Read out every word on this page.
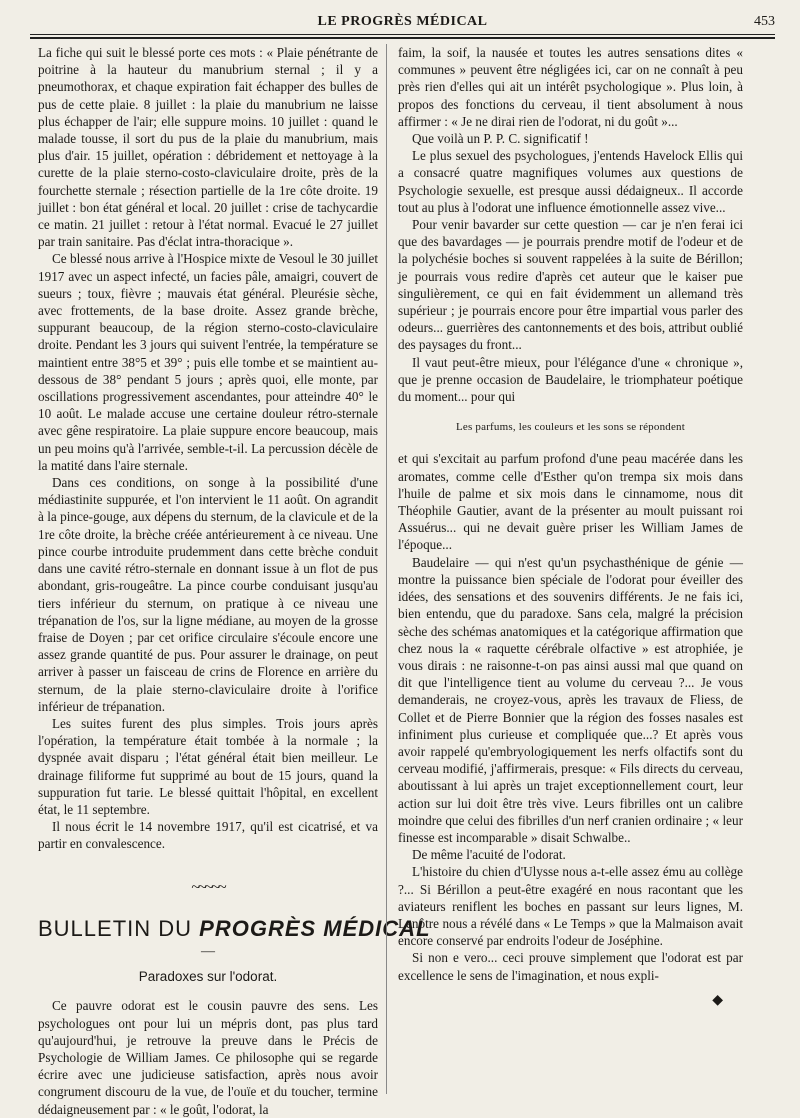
LE PROGRÈS MÉDICAL	453

La fiche qui suit le blessé porte ces mots : « Plaie pénétrante de poitrine à la hauteur du manubrium sternal ; il y a pneumothorax, et chaque expiration fait échapper des bulles de pus de cette plaie. 8 juillet : la plaie du manubrium ne laisse plus échapper de l'air; elle suppure moins. 10 juillet : quand le malade tousse, il sort du pus de la plaie du manubrium, mais plus d'air. 15 juillet, opération : débridement et nettoyage à la curette de la plaie sterno-costo-claviculaire droite, près de la fourchette sternale ; résection partielle de la 1re côte droite. 19 juillet : bon état général et local. 20 juillet : crise de tachycardie ce matin. 21 juillet : retour à l'état normal. Evacué le 27 juillet par train sanitaire. Pas d'éclat intra-thoracique ».

Ce blessé nous arrive à l'Hospice mixte de Vesoul le 30 juillet 1917 avec un aspect infecté, un facies pâle, amaigri, couvert de sueurs ; toux, fièvre ; mauvais état général. Pleurésie sèche, avec frottements, de la base droite. Assez grande brèche, suppurant beaucoup, de la région sterno-costo-claviculaire droite. Pendant les 3 jours qui suivent l'entrée, la température se maintient entre 38°5 et 39° ; puis elle tombe et se maintient au-dessous de 38° pendant 5 jours ; après quoi, elle monte, par oscillations progressivement ascendantes, pour atteindre 40° le 10 août. Le malade accuse une certaine douleur rétro-sternale avec gêne respiratoire. La plaie suppure encore beaucoup, mais un peu moins qu'à l'arrivée, semble-t-il. La percussion décèle de la matité dans l'aire sternale.

Dans ces conditions, on songe à la possibilité d'une médiastinite suppurée, et l'on intervient le 11 août. On agrandit à la pince-gouge, aux dépens du sternum, de la clavicule et de la 1re côte droite, la brèche créée antérieurement à ce niveau. Une pince courbe introduite prudemment dans cette brèche conduit dans une cavité rétro-sternale en donnant issue à un flot de pus abondant, gris-rougeâtre. La pince courbe conduisant jusqu'au tiers inférieur du sternum, on pratique à ce niveau une trépanation de l'os, sur la ligne médiane, au moyen de la grosse fraise de Doyen ; par cet orifice circulaire s'écoule encore une assez grande quantité de pus. Pour assurer le drainage, on peut arriver à passer un faisceau de crins de Florence en arrière du sternum, de la plaie sterno-claviculaire droite à l'orifice inférieur de trépanation.

Les suites furent des plus simples. Trois jours après l'opération, la température était tombée à la normale ; la dyspnée avait disparu ; l'état général était bien meilleur. Le drainage filiforme fut supprimé au bout de 15 jours, quand la suppuration fut tarie. Le blessé quittait l'hôpital, en excellent état, le 11 septembre.

Il nous écrit le 14 novembre 1917, qu'il est cicatrisé, et va partir en convalescence.

~~~~~
BULLETIN DU PROGRÈS MÉDICAL
—
Paradoxes sur l'odorat.

Ce pauvre odorat est le cousin pauvre des sens. Les psychologues ont pour lui un mépris dont, pas plus tard qu'aujourd'hui, je retrouve la preuve dans le Précis de Psychologie de William James. Ce philosophe qui se regarde écrire avec une judicieuse satisfaction, après nous avoir congrument discouru de la vue, de l'ouïe et du toucher, termine dédaigneusement par : « le goût, l'odorat, la

faim, la soif, la nausée et toutes les autres sensations dites « communes » peuvent être négligées ici, car on ne connaît à peu près rien d'elles qui ait un intérêt psychologique ». Plus loin, à propos des fonctions du cerveau, il tient absolument à nous affirmer : « Je ne dirai rien de l'odorat, ni du goût »...

Que voilà un P. P. C. significatif !

Le plus sexuel des psychologues, j'entends Havelock Ellis qui a consacré quatre magnifiques volumes aux questions de Psychologie sexuelle, est presque aussi dédaigneux.. Il accorde tout au plus à l'odorat une influence émotionnelle assez vive...

Pour venir bavarder sur cette question — car je n'en ferai ici que des bavardages — je pourrais prendre motif de l'odeur et de la polychésie boches si souvent rappelées à la suite de Bérillon; je pourrais vous redire d'après cet auteur que le kaiser pue singulièrement, ce qui en fait évidemment un allemand très supérieur ; je pourrais encore pour être impartial vous parler des odeurs... guerrières des cantonnements et des bois, attribut oublié des paysages du front...

Il vaut peut-être mieux, pour l'élégance d'une « chronique », que je prenne occasion de Baudelaire, le triomphateur poétique du moment... pour qui

Les parfums, les couleurs et les sons se répondent

et qui s'excitait au parfum profond d'une peau macérée dans les aromates, comme celle d'Esther qu'on trempa six mois dans l'huile de palme et six mois dans le cinnamome, nous dit Théophile Gautier, avant de la présenter au moult puissant roi Assuérus... qui ne devait guère priser les William James de l'époque...

Baudelaire — qui n'est qu'un psychasthénique de génie — montre la puissance bien spéciale de l'odorat pour éveiller des idées, des sensations et des souvenirs différents. Je ne fais ici, bien entendu, que du paradoxe. Sans cela, malgré la précision sèche des schémas anatomiques et la catégorique affirmation que chez nous la « raquette cérébrale olfactive » est atrophiée, je vous dirais : ne raisonne-t-on pas ainsi aussi mal que quand on dit que l'intelligence tient au volume du cerveau ?... Je vous demanderais, ne croyez-vous, après les travaux de Fliess, de Collet et de Pierre Bonnier que la région des fosses nasales est infiniment plus curieuse et compliquée que...? Et après vous avoir rappelé qu'embryologiquement les nerfs olfactifs sont du cerveau modifié, j'affirmerais, presque: « Fils directs du cerveau, aboutissant à lui après un trajet exceptionnellement court, leur action sur lui doit être très vive. Leurs fibrilles ont un calibre moindre que celui des fibrilles d'un nerf cranien ordinaire ; « leur finesse est incomparable » disait Schwalbe..

De même l'acuité de l'odorat.

L'histoire du chien d'Ulysse nous a-t-elle assez ému au collège ?... Si Bérillon a peut-être exagéré en nous racontant que les aviateurs reniflent les boches en passant sur leurs lignes, M. Lenôtre nous a révélé dans « Le Temps » que la Malmaison avait encore conservé par endroits l'odeur de Joséphine.

Si non e vero... ceci prouve simplement que l'odorat est par excellence le sens de l'imagination, et nous expli-

◆
